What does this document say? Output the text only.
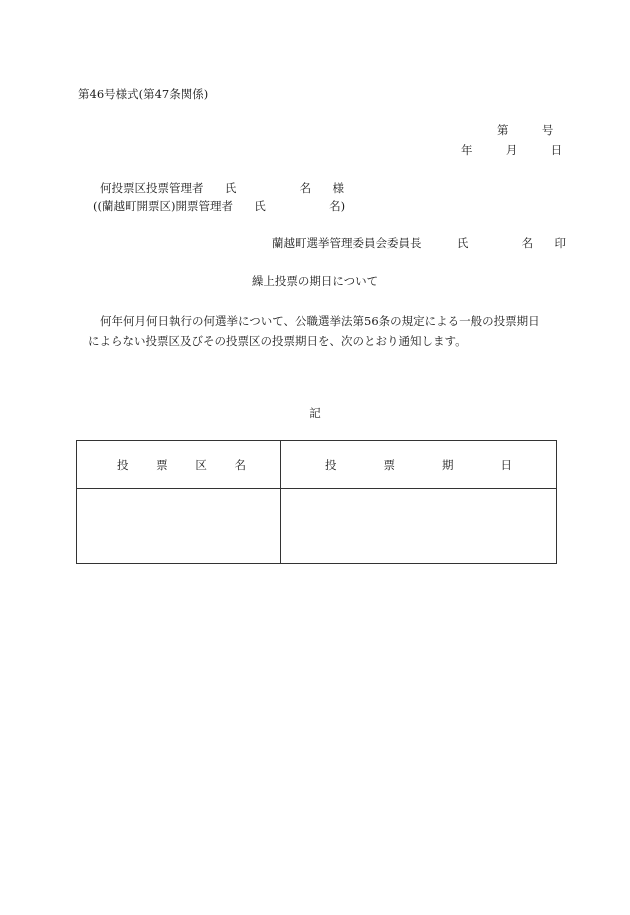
第46号様式(第47条関係)
第	号
年	月	日
何投票区投票管理者 氏	名 様
((蘭越町開票区)開票管理者 氏	名)
蘭越町選挙管理委員会委員長	氏	名 印
繰上投票の期日について
何年何月何日執行の何選挙について、公職選挙法第56条の規定による一般の投票期日
によらない投票区及びその投票区の投票期日を、次のとおり通知します。
記
投 票 区 名	投 票 期 日
